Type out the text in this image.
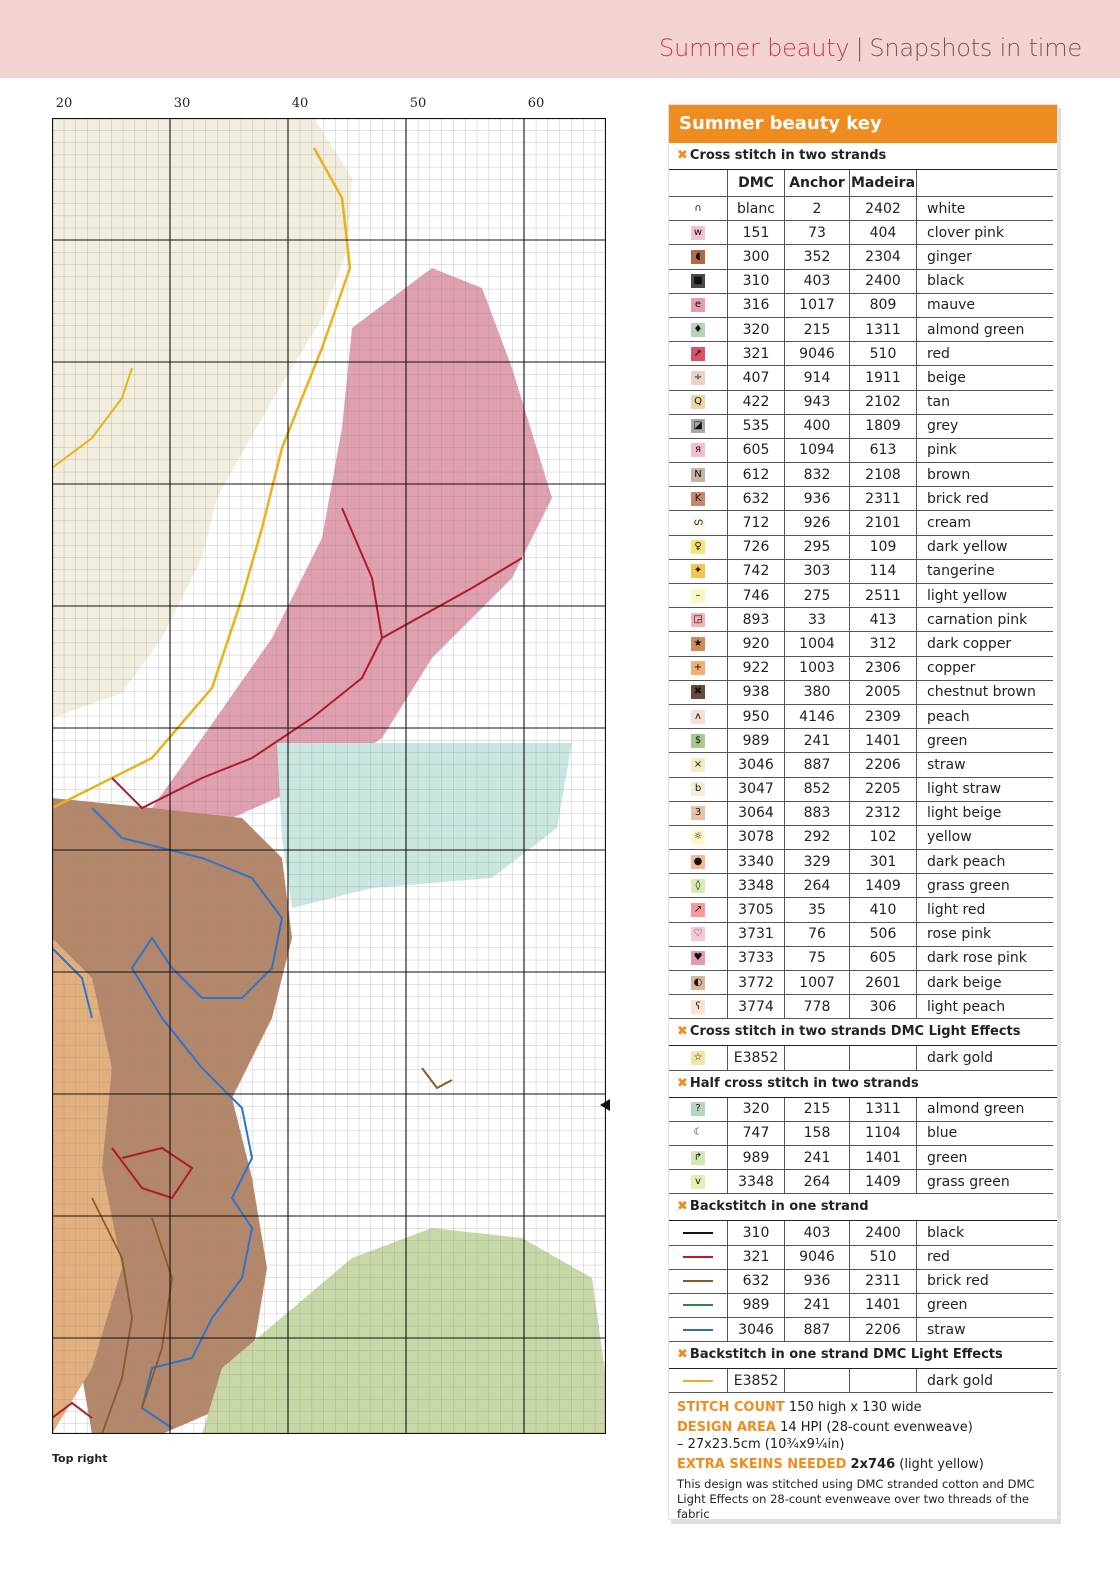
Summer beauty | Snapshots in time
20	30	40	50	60
Top right
Summer beauty key
✖ Cross stitch in two strands
	DMC	Anchor	Madeira	
∩	blanc	2	2402	white
w	151	73	404	clover pink
◖	300	352	2304	ginger
■	310	403	2400	black
e	316	1017	809	mauve
♦	320	215	1311	almond green
➚	321	9046	510	red
÷	407	914	1911	beige
Q	422	943	2102	tan
◪	535	400	1809	grey
я	605	1094	613	pink
N	612	832	2108	brown
K	632	936	2311	brick red
ഗ	712	926	2101	cream
♀	726	295	109	dark yellow
✦	742	303	114	tangerine
–	746	275	2511	light yellow
◲	893	33	413	carnation pink
★	920	1004	312	dark copper
+	922	1003	2306	copper
✖	938	380	2005	chestnut brown
ʌ	950	4146	2309	peach
$	989	241	1401	green
×	3046	887	2206	straw
b	3047	852	2205	light straw
3	3064	883	2312	light beige
☼	3078	292	102	yellow
●	3340	329	301	dark peach
◊	3348	264	1409	grass green
↗	3705	35	410	light red
♡	3731	76	506	rose pink
♥	3733	75	605	dark rose pink
◐	3772	1007	2601	dark beige
ʕ	3774	778	306	light peach
✖ Cross stitch in two strands DMC Light Effects
☆	E3852			dark gold
✖ Half cross stitch in two strands
?	320	215	1311	almond green
☾	747	158	1104	blue
↱	989	241	1401	green
v	3348	264	1409	grass green
✖ Backstitch in one strand
	310	403	2400	black
	321	9046	510	red
	632	936	2311	brick red
	989	241	1401	green
	3046	887	2206	straw
✖ Backstitch in one strand DMC Light Effects
	E3852			dark gold

STITCH COUNT 150 high x 130 wide

DESIGN AREA 14 HPI (28-count evenweave)
– 27x23.5cm (10¾x9¼in)

EXTRA SKEINS NEEDED 2x746 (light yellow)

This design was stitched using DMC stranded cotton and DMC Light Effects on 28-count evenweave over two threads of the fabric
